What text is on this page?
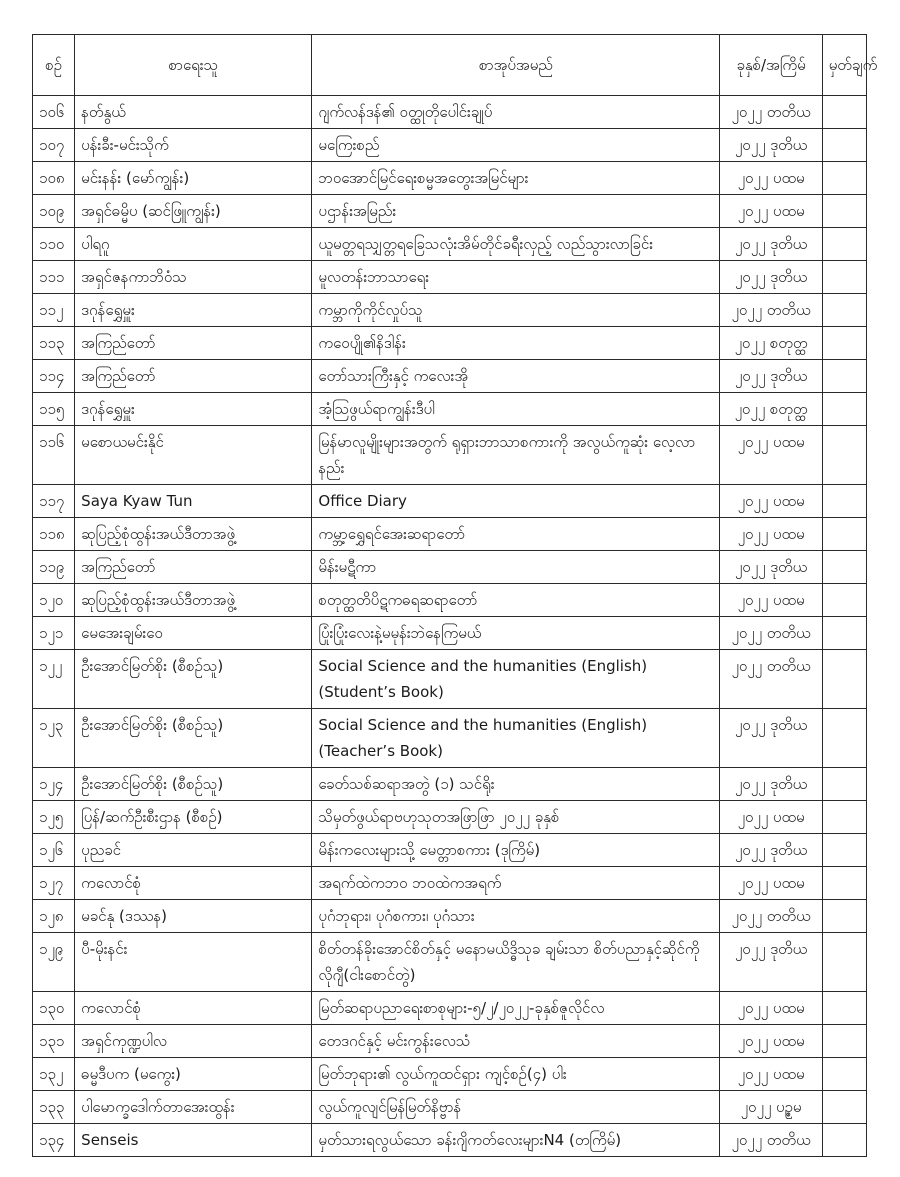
စဉ်	စာရေးသူ	စာအုပ်အမည်	ခုနှစ်/အကြိမ်	မှတ်ချက်
၁၀၆	နတ်နွယ်	ဂျက်လန်ဒန်၏ ဝတ္ထုတိုပေါင်းချုပ်	၂၀၂၂ တတိယ	
၁၀၇	ပန်းခီး-မင်းသိုက်	မကြေးစည်	၂၀၂၂ ဒုတိယ	
၁၀၈	မင်းနန်း (မော်ကျွန်း)	ဘဝအောင်မြင်ရေးစမ္မအတွေးအမြင်များ	၂၀၂၂ ပထမ	
၁၀၉	အရှင်ဓမ္မိပ (ဆင်ဖြူကျွန်း)	ပဌာန်းအမြည်း	၂၀၂၂ ပထမ	
၁၁၀	ပါရဂူ	ယူမတ္တရသျှတ္တရခြေသလုံးအိမ်တိုင်ခရီးလှည့် လည်သွားလာခြင်း	၂၀၂၂ ဒုတိယ	
၁၁၁	အရှင်ဇနကာဘိဝံသ	မူလတန်းဘာသာရေး	၂၀၂၂ ဒုတိယ	
၁၁၂	ဒဂုန်ရွှေမှူး	ကမ္ဘာကိုကိုင်လှုပ်သူ	၂၀၂၂ တတိယ	
၁၁၃	အကြည်တော်	ကဝေပျို၏နိဒါန်း	၂၀၂၂ စတုတ္ထ	
၁၁၄	အကြည်တော်	တော်သားကြီးနှင့် ကလေးအို	၂၀၂၂ ဒုတိယ	
၁၁၅	ဒဂုန်ရွှေမှူး	အံ့သြဖွယ်ရာကျွန်းဒီပါ	၂၀၂၂ စတုတ္ထ	
၁၁၆	မစောယမင်းနိုင်	မြန်မာလူမျိုးများအတွက် ရုရှားဘာသာစကားကို အလွယ်ကူဆုံး လေ့လာနည်း	၂၀၂၂ ပထမ	
၁၁၇	Saya Kyaw Tun	Office Diary	၂၀၂၂ ပထမ	
၁၁၈	ဆုပြည့်စုံထွန်းအယ်ဒီတာအဖွဲ့	ကမ္ဘာ့ရွှေရင်အေးဆရာတော်	၂၀၂၂ ပထမ	
၁၁၉	အကြည်တော်	မိန်းမဋီကာ	၂၀၂၂ ဒုတိယ	
၁၂၀	ဆုပြည့်စုံထွန်းအယ်ဒီတာအဖွဲ့	စတုတ္ထတိပိဋကဓရဆရာတော်	၂၀၂၂ ပထမ	
၁၂၁	မေအေးချမ်းဝေ	ပြုံးပြုံးလေးနဲ့မမုန်းဘဲနေကြမယ်	၂၀၂၂ တတိယ	
၁၂၂	ဦးအောင်မြတ်စိုး (စီစဉ်သူ)	Social Science and the humanities (English) (Student’s Book)	၂၀၂၂ တတိယ	
၁၂၃	ဦးအောင်မြတ်စိုး (စီစဉ်သူ)	Social Science and the humanities (English) (Teacher’s Book)	၂၀၂၂ ဒုတိယ	
၁၂၄	ဦးအောင်မြတ်စိုး (စီစဉ်သူ)	ခေတ်သစ်ဆရာအတွဲ (၁) သင်ရိုး	၂၀၂၂ ဒုတိယ	
၁၂၅	ပြန်/ဆက်ဦးစီးဌာန (စီစဉ်)	သိမှတ်ဖွယ်ရာဗဟုသုတအဖြာဖြာ ၂၀၂၂ ခုနှစ်	၂၀၂၂ ပထမ	
၁၂၆	ပုညခင်	မိန်းကလေးများသို့ မေတ္တာစကား (ဒုကြိမ်)	၂၀၂၂ ဒုတိယ	
၁၂၇	ကလောင်စုံ	အရက်ထဲကဘဝ ဘဝထဲကအရက်	၂၀၂၂ ပထမ	
၁၂၈	မခင်နု (ဒဿန)	ပုဂံဘုရား၊ ပုဂံစကား၊ ပုဂံသား	၂၀၂၂ တတိယ	
၁၂၉	ပီ-မိုးနင်း	စိတ်တန်ခိုးအောင်စိတ်နှင့် မနောမယိဒ္ဓိသုခ ချမ်းသာ စိတ်ပညာနှင့်ဆိုင်ကိုလိုဂျီ(ငါးစောင်တွဲ)	၂၀၂၂ ဒုတိယ	
၁၃၀	ကလောင်စုံ	မြတ်ဆရာပညာရေးစာစုများ-၅/၂/၂၀၂၂-ခုနှစ်ဇူလိုင်လ	၂၀၂၂ ပထမ	
၁၃၁	အရှင်ကုဏ္ဍပါလ	တေဒဂင်နှင့် မင်းကွန်းလေသံ	၂၀၂၂ ပထမ	
၁၃၂	ဓမ္မဒီပက (မကွေး)	မြတ်ဘုရား၏ လွယ်ကူထင်ရှား ကျင့်စဉ်(၄) ပါး	၂၀၂၂ ပထမ	
၁၃၃	ပါမောက္ခဒေါက်တာအေးထွန်း	လွယ်ကူလျင်မြန်မြတ်နိဗ္ဗာန်	၂၀၂၂ ပဉ္စမ	
၁၃၄	Senseis	မှတ်သားရလွယ်သော ခန်းဂျိကတ်လေးများN4 (တကြိမ်)	၂၀၂၂ တတိယ	
